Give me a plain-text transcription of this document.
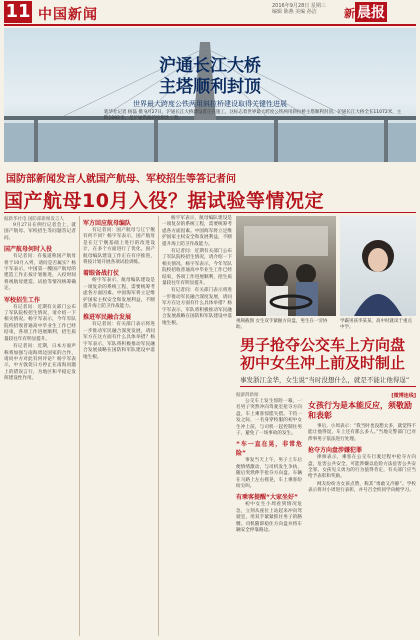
11 中国新闻
2016年9月28日 星期三
编辑 陈燕 美编 孙洁	新 晨报
沪通长江大桥
主塔顺利封顶
世界最大跨度公铁两用斜拉桥建设取得关键性进展
新华社记者 杨磊 摄 9月27日，沪通长江大桥建设者正在施工，这标志着世界最大跨度公铁两用斜拉桥主塔顺利封顶。沪通长江大桥全长11072米，主跨1092米，是沪通铁路的控制性工程。
国防部新闻发言人就国产航母、军校招生等答记者问
国产航母10月入役？据试验等情况定

据新华社电 国防部新闻发言人

9月27日在例行记者会上，就国产航母、军校招生等问题答记者问。

国产航母何时入役

有记者问：有报道称国产航母将于10月入列，请问是否属实？杨宇军表示，中国第一艘国产航母的建造工作正按计划推进，入役时间将视航母建造、试验等情况统筹确定。

军校招生工作

有记者问：近期有关部门公布了军队院校招生情况，请介绍一下相关情况。杨宇军表示，今年军队院校招收普通高中毕业生工作已经结束，各项工作进展顺利，招生质量较往年有明显提升。

有记者问：近期，日本方面声称将加强与南海周边国家的合作，请问中方对此有何评论？杨宇军表示，中方敦促日方停止在南海问题上的错误言行，为地区和平稳定发挥建设性作用。

军方回应航母编队

有记者问：国产航母与辽宁舰有何不同？杨宇军表示，国产航母是在辽宁舰基础上进行的改进设计，在多个方面进行了优化。国产航母编队建设工作正在有序推进，将按计划开展各项试验训练。

着眼备战打仗

杨宇军表示，航母编队建设是一项复杂的系统工程，需要统筹考虑各方面因素。中国海军将立足维护国家主权安全和发展利益，不断提升海上防卫作战能力。

推进军民融合发展

有记者问：有关部门表示将进一步推动军民融合深度发展，请问军方在这方面有什么具体举措？杨宇军表示，军队将积极推动军民融合发展战略在国防和军队建设中落地生根。

杨宇军表示，航母编队建设是一项复杂的系统工程，需要统筹考虑各方面因素。中国海军将立足维护国家主权安全和发展利益，不断提升海上防卫作战能力。

有记者问：近期有关部门公布了军队院校招生情况，请介绍一下相关情况。杨宇军表示，今年军队院校招收普通高中毕业生工作已经结束，各项工作进展顺利，招生质量较往年有明显提升。

有记者问：有关部门表示将进一步推动军民融合深度发展，请问军方在这方面有什么具体举措？杨宇军表示，军队将积极推动军民融合发展战略在国防和军队建设中落地生根。	视频截图 女生双手紧握方向盘，男生在一旁协助。
学霸男孩李某某，高中时就读于重点中学。
男子抢夺公交车上方向盘
初中女生冲上前及时制止
事发浙江金华，女生说“当时没想什么，就是不能让他得逞”

据澎湃新闻

公交车上发生惊险一幕，一名男子突然冲向驾驶室抢夺方向盘，车上乘客惊慌失措。千钧一发之际，一名身穿校服的初中女生冲上前，与司机一起控制住男子，避免了一场事故的发生。

“车一直在晃，非常危险”

事发当天上午，男子上车后便情绪激动，与司机发生争执，随后突然伸手抢夺方向盘。车辆在马路上左右摇晃，车上乘客纷纷尖叫。

有乘客提醒“大家坐好”

初中女生小周看到情况危急，立刻从座位上站起来冲向驾驶室，用双手紧紧抓住男子的胳膊。司机随即稳住方向盘并将车辆安全停靠路边。

[微博连线]
女孩行为是本能反应，须敬励和表彰

事后，小周表示：“我当时也没想太多，就觉得不能让他得逞，车上还有那么多人。”当地交警部门已对涉事男子依法进行处理。

抢夺方向盘涉嫌犯罪

律师表示，乘客在公交车行驶过程中抢夺方向盘，危害公共安全，可能涉嫌以危险方法危害公共安全罪。女孩见义勇为的行为值得肯定，有关部门应当给予表彰和奖励。

网友纷纷为女孩点赞，称其“勇敢又冷静”。学校表示将对小周进行表彰，并号召全校同学向她学习。
